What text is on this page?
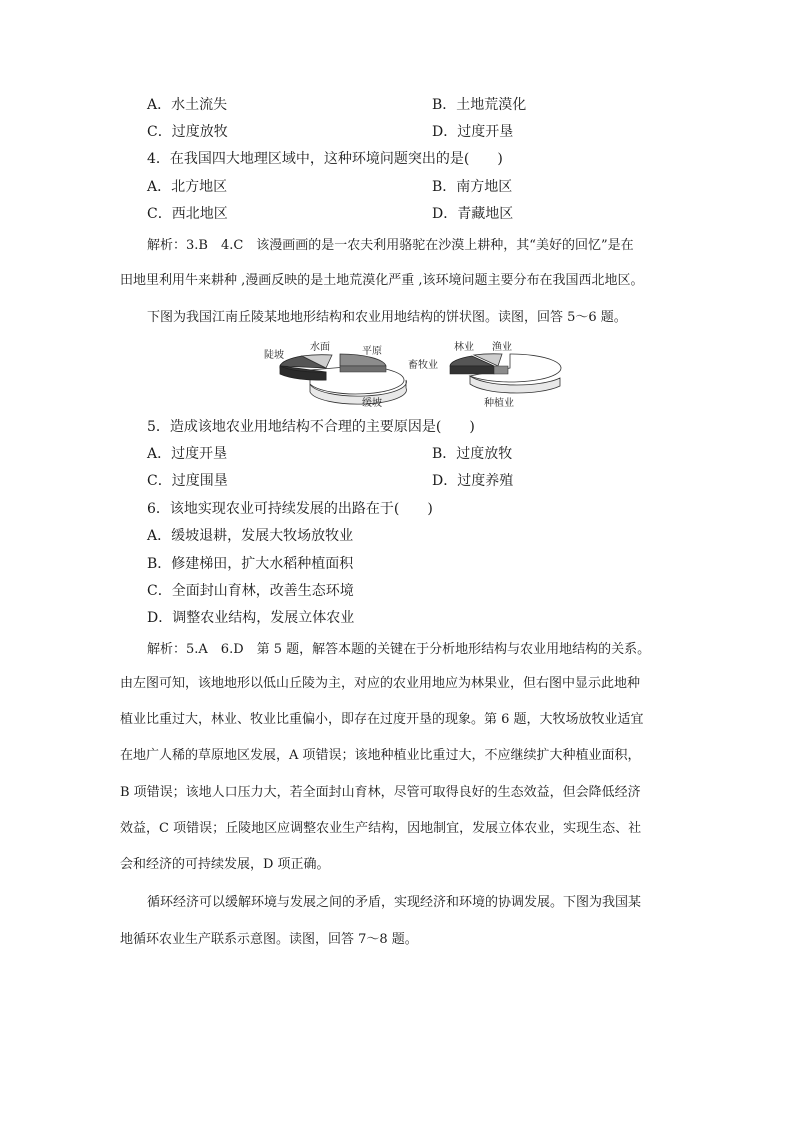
A．水土流失	B．土地荒漠化
C．过度放牧	D．过度开垦
4．在我国四大地理区域中，这种环境问题突出的是(　　)
A．北方地区	B．南方地区
C．西北地区	D．青藏地区
解析：3.B　4.C　该漫画画的是一农夫利用骆驼在沙漠上耕种，其“美好的回忆”是在
田地里利用牛来耕种 ,漫画反映的是土地荒漠化严重 ,该环境问题主要分布在我国西北地区。
下图为我国江南丘陵某地地形结构和农业用地结构的饼状图。读图，回答 5～6 题。
陡坡
水面	平原
缓坡
林业 渔业
畜牧业
种植业
5．造成该地农业用地结构不合理的主要原因是(　　)
A．过度开垦	B．过度放牧
C．过度围垦	D．过度养殖
6．该地实现农业可持续发展的出路在于(　　)
A．缓坡退耕，发展大牧场放牧业
B．修建梯田，扩大水稻种植面积
C．全面封山育林，改善生态环境
D．调整农业结构，发展立体农业
解析：5.A　6.D　第 5 题，解答本题的关键在于分析地形结构与农业用地结构的关系。
由左图可知，该地地形以低山丘陵为主，对应的农业用地应为林果业，但右图中显示此地种
植业比重过大，林业、牧业比重偏小，即存在过度开垦的现象。第 6 题，大牧场放牧业适宜
在地广人稀的草原地区发展，A 项错误；该地种植业比重过大，不应继续扩大种植业面积，
B 项错误；该地人口压力大，若全面封山育林，尽管可取得良好的生态效益，但会降低经济
效益，C 项错误；丘陵地区应调整农业生产结构，因地制宜，发展立体农业，实现生态、社
会和经济的可持续发展，D 项正确。
循环经济可以缓解环境与发展之间的矛盾，实现经济和环境的协调发展。下图为我国某
地循环农业生产联系示意图。读图，回答 7～8 题。
